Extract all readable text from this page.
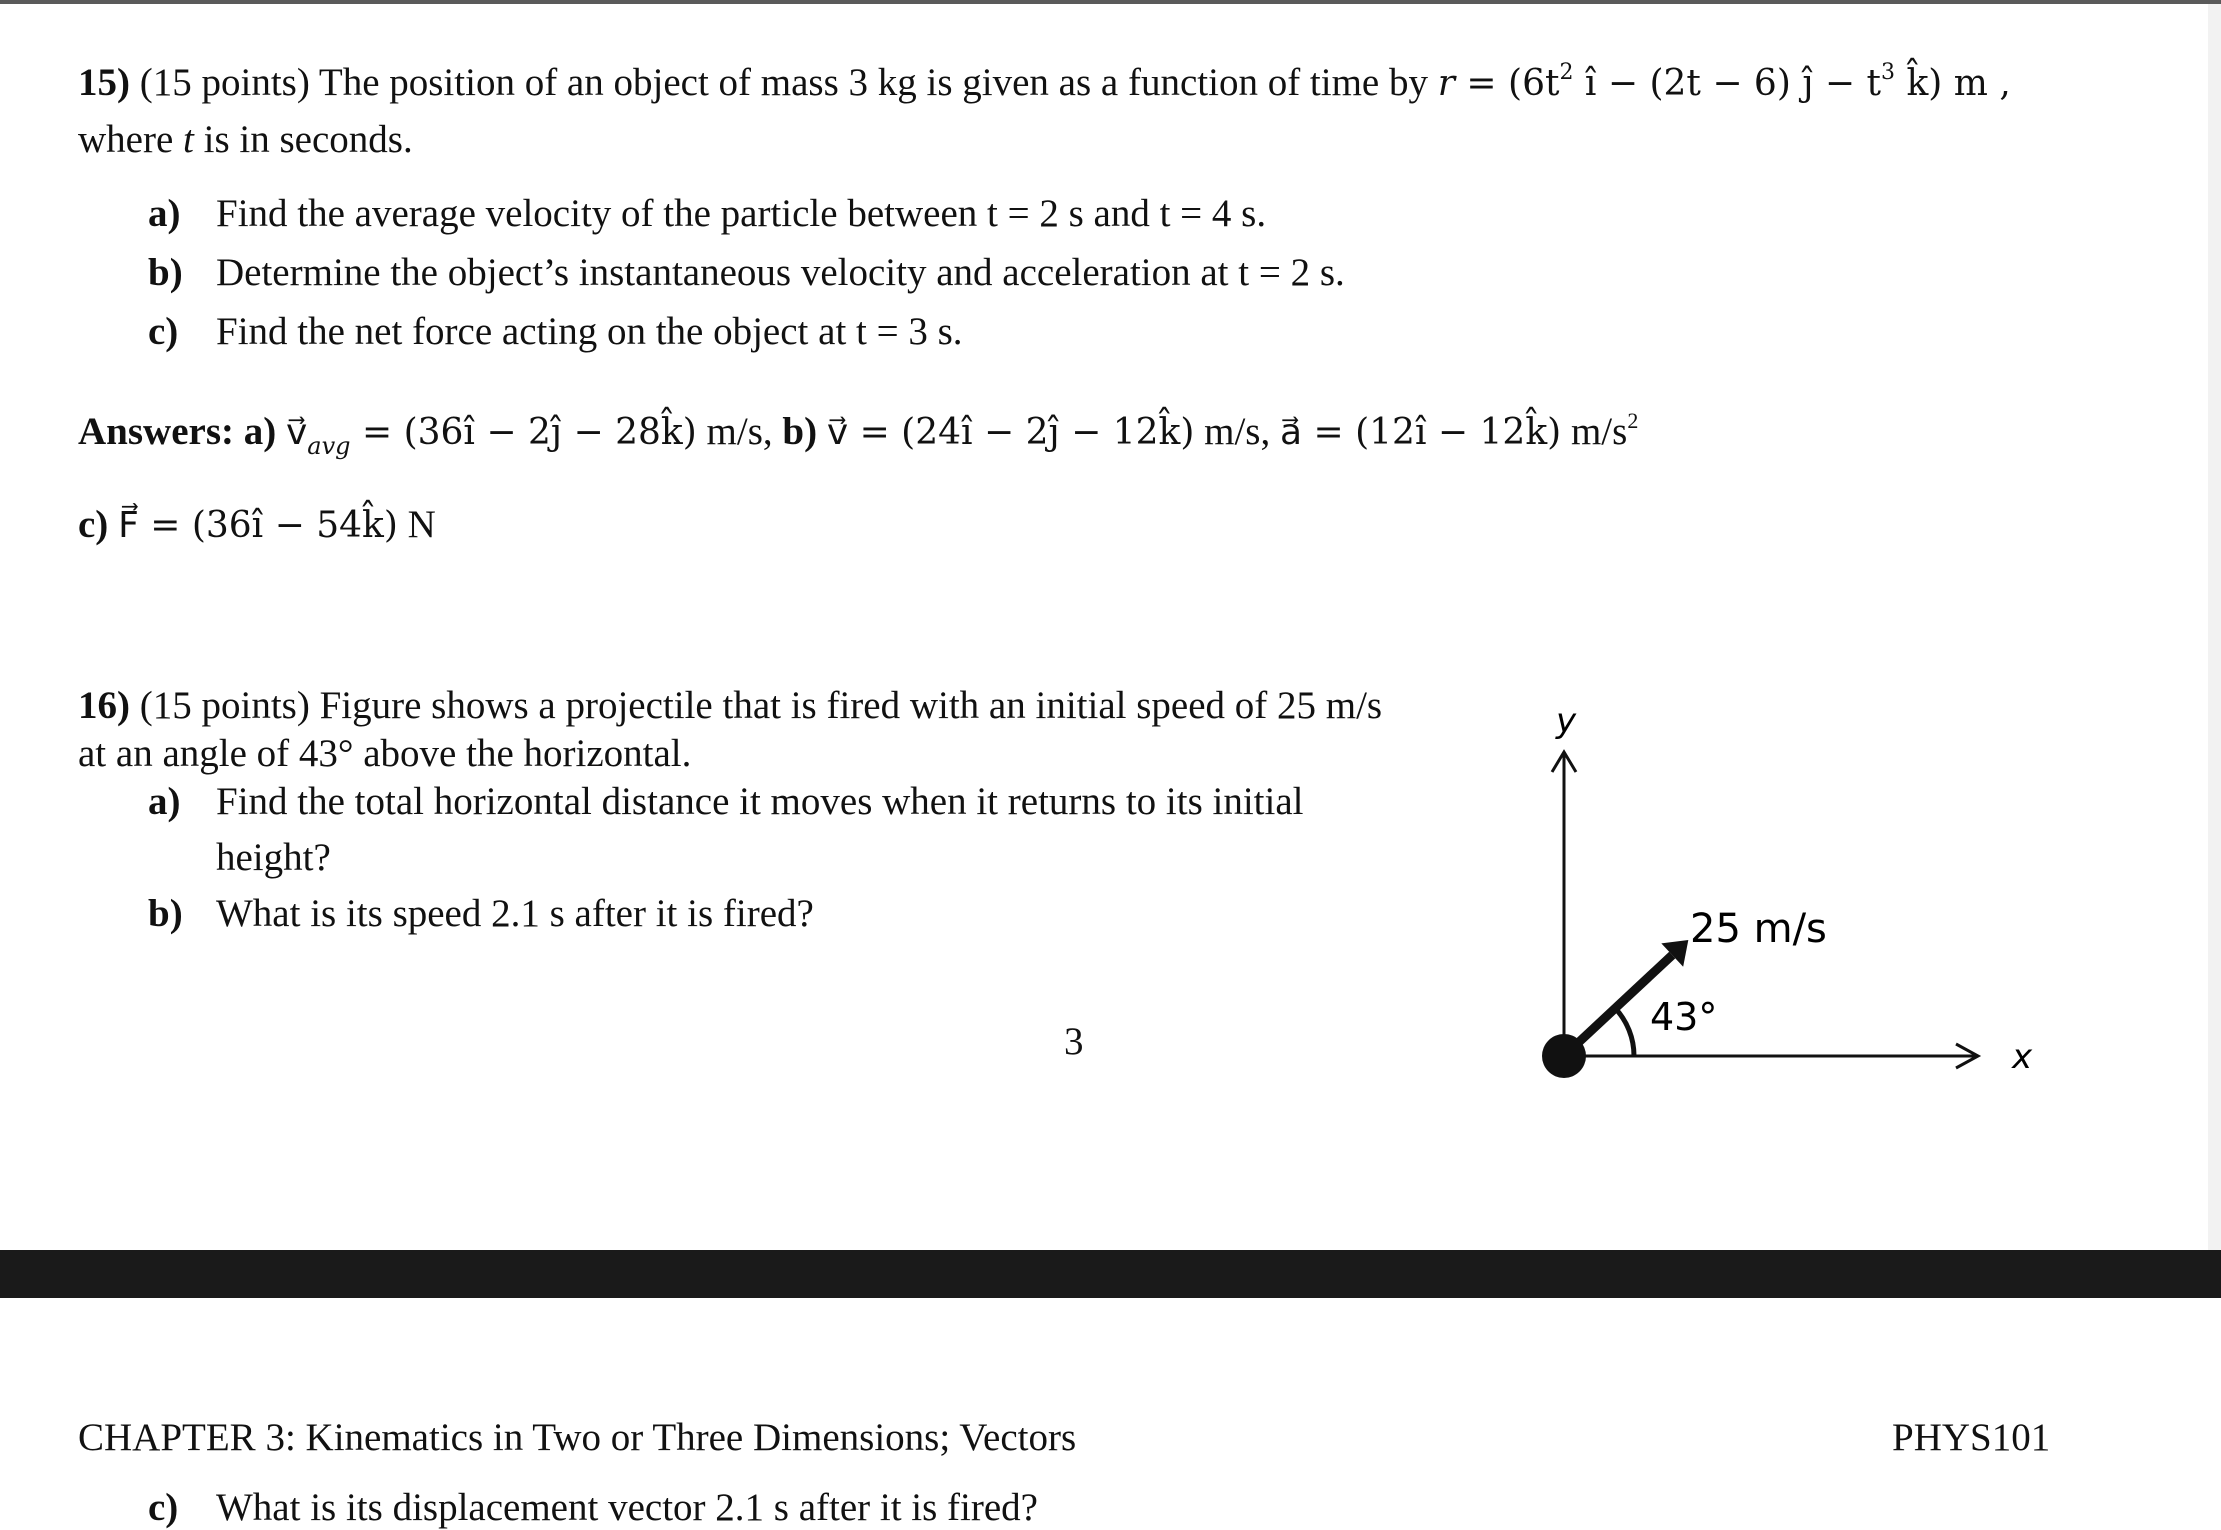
15) (15 points) The position of an object of mass 3 kg is given as a function of time by $r = (6t^2$ î − (2t − 6) ĵ − $t^3$ k̂) m ,
where t is in seconds.
a) Find the average velocity of the particle between t = 2 s and t = 4 s.
b) Determine the object’s instantaneous velocity and acceleration at t = 2 s.
c) Find the net force acting on the object at t = 3 s.
Answers: a) $v⃗_{avg}$ = (36î − 2ĵ − 28k̂) m/s, b) v⃗ = (24î − 2ĵ − 12k̂) m/s, a⃗ = (12î − 12k̂) $m/s^2$
c) F⃗ = (36î − 54k̂) N
16) (15 points) Figure shows a projectile that is fired with an initial speed of 25 m/s
at an angle of 43° above the horizontal.
a) Find the total horizontal distance it moves when it returns to its initial
height?
b) What is its speed 2.1 s after it is fired?
3
y
x
25 m/s
43°
CHAPTER 3: Kinematics in Two or Three Dimensions; Vectors	PHYS101
c) What is its displacement vector 2.1 s after it is fired?
